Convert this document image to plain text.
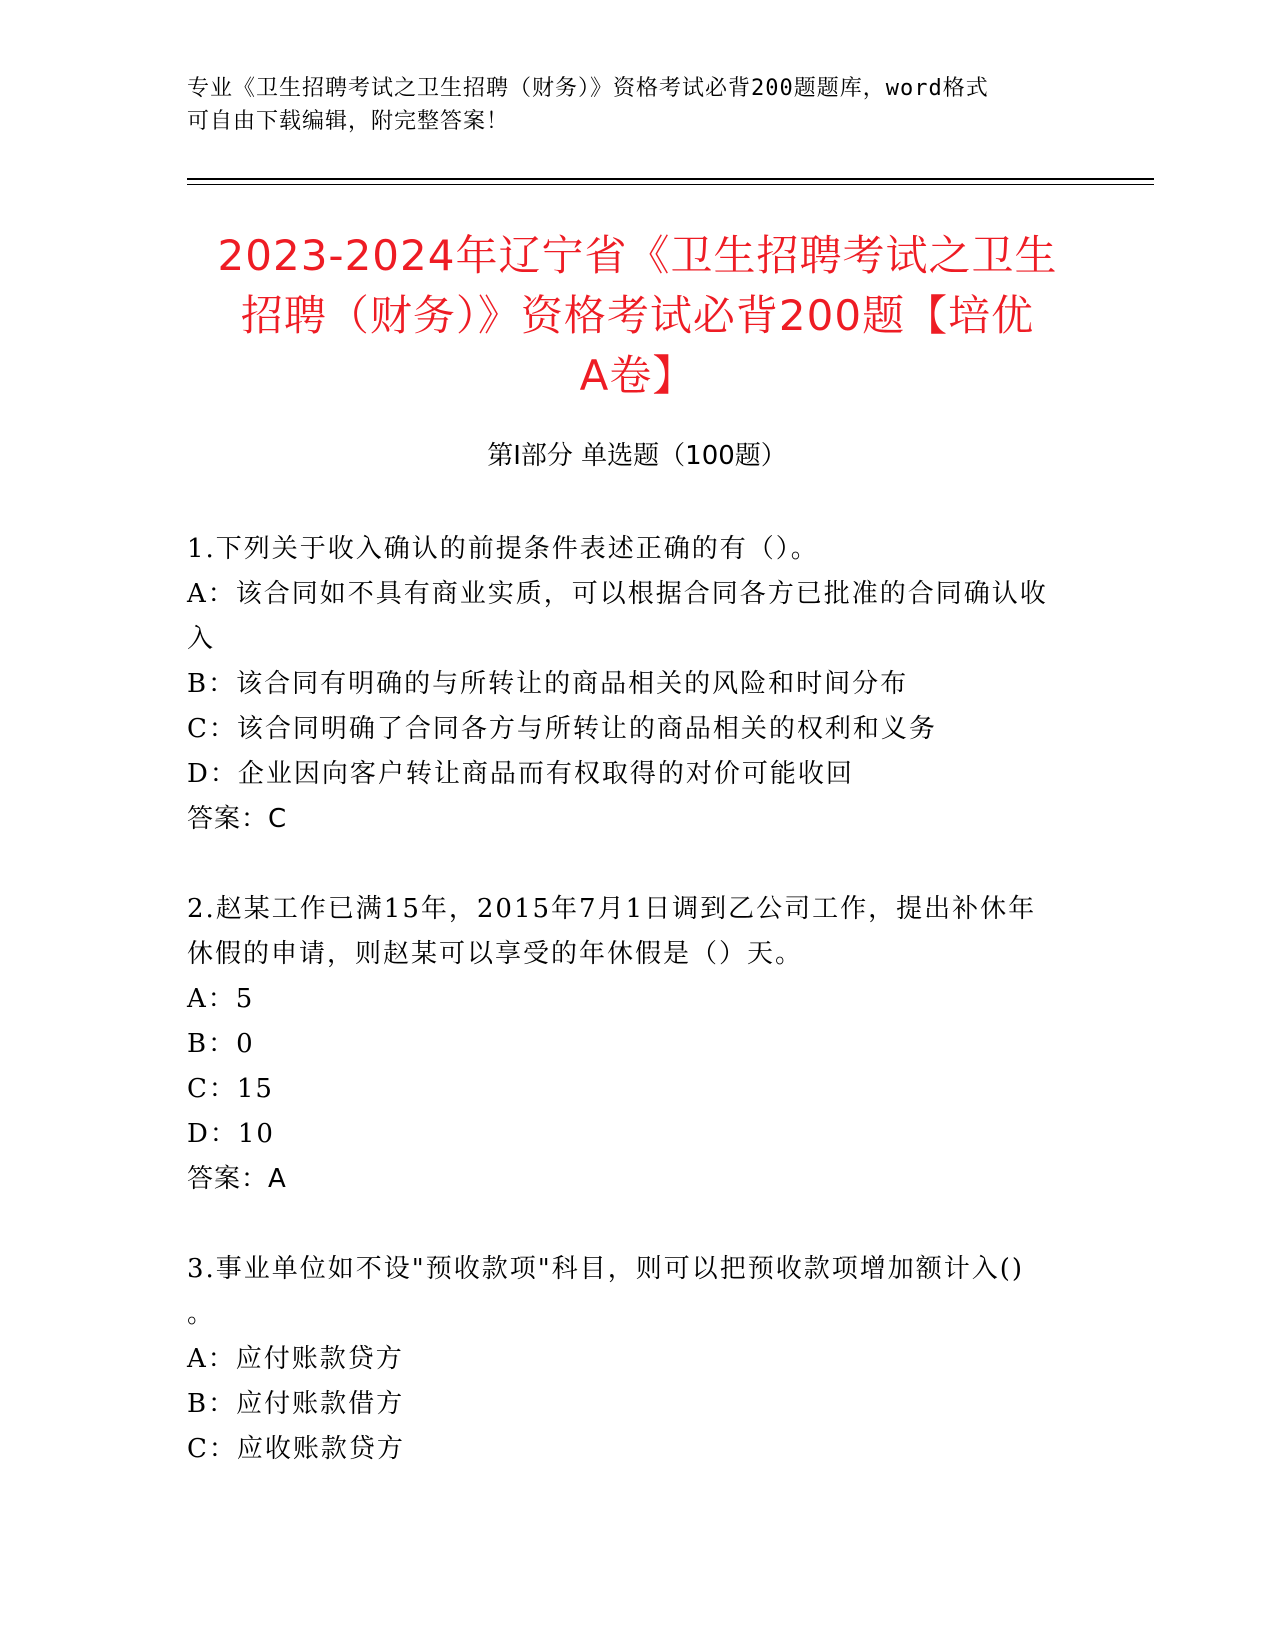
专业《卫生招聘考试之卫生招聘（财务）》资格考试必背200题题库，word格式
可自由下载编辑，附完整答案！
2023-2024年辽宁省《卫生招聘考试之卫生
招聘（财务）》资格考试必背200题【培优
A卷】
第Ⅰ部分 单选题（100题）
1.下列关于收入确认的前提条件表述正确的有（）。
A：该合同如不具有商业实质，可以根据合同各方已批准的合同确认收
入
B：该合同有明确的与所转让的商品相关的风险和时间分布
C：该合同明确了合同各方与所转让的商品相关的权利和义务
D：企业因向客户转让商品而有权取得的对价可能收回
答案：C
2.赵某工作已满15年，2015年7月1日调到乙公司工作，提出补休年
休假的申请，则赵某可以享受的年休假是（）天。
A：5
B：0
C：15
D：10
答案：A
3.事业单位如不设"预收款项"科目，则可以把预收款项增加额计入()
。
A：应付账款贷方
B：应付账款借方
C：应收账款贷方
